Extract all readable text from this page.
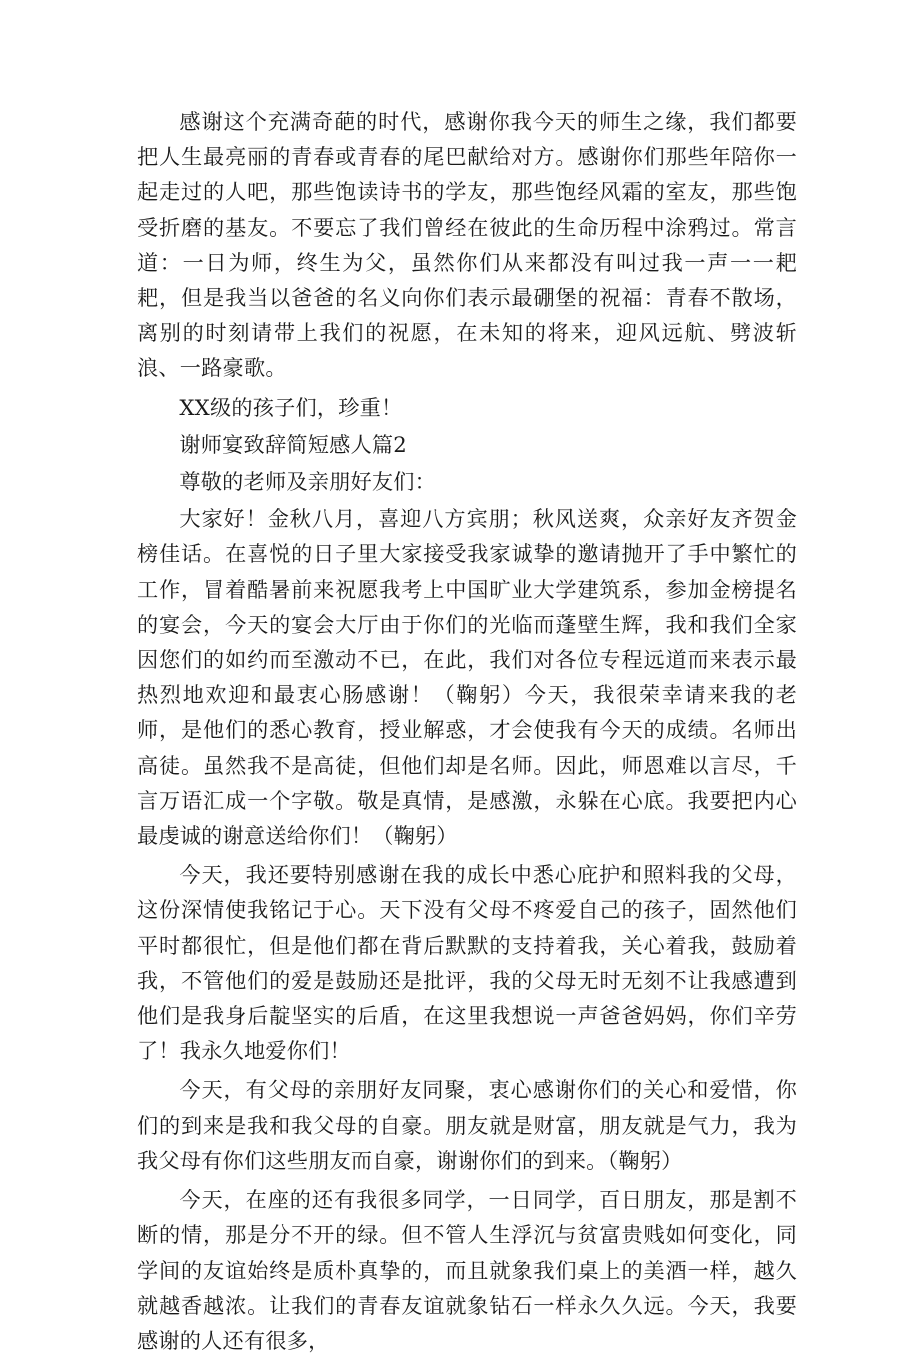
感谢这个充满奇葩的时代，感谢你我今天的师生之缘，我们都要把人生最亮丽的青春或青春的尾巴献给对方。感谢你们那些年陪你一起走过的人吧，那些饱读诗书的学友，那些饱经风霜的室友，那些饱受折磨的基友。不要忘了我们曾经在彼此的生命历程中涂鸦过。常言道：一日为师，终生为父，虽然你们从来都没有叫过我一声一一耙耙，但是我当以爸爸的名义向你们表示最硼堡的祝福：青春不散场，离别的时刻请带上我们的祝愿，在未知的将来，迎风远航、劈波斩浪、一路豪歌。

XX级的孩子们，珍重！

谢师宴致辞简短感人篇2

尊敬的老师及亲朋好友们：

大家好！金秋八月，喜迎八方宾朋；秋风送爽，众亲好友齐贺金榜佳话。在喜悦的日子里大家接受我家诚挚的邀请抛开了手中繁忙的工作，冒着酷暑前来祝愿我考上中国旷业大学建筑系，参加金榜提名的宴会，今天的宴会大厅由于你们的光临而蓬壁生辉，我和我们全家因您们的如约而至激动不已，在此，我们对各位专程远道而来表示最热烈地欢迎和最衷心肠感谢！（鞠躬）今天，我很荣幸请来我的老师，是他们的悉心教育，授业解惑，才会使我有今天的成绩。名师出高徒。虽然我不是高徒，但他们却是名师。因此，师恩难以言尽，千言万语汇成一个字敬。敬是真情，是感激，永躲在心底。我要把内心最虔诚的谢意送给你们！（鞠躬）

今天，我还要特别感谢在我的成长中悉心庇护和照料我的父母，这份深情使我铭记于心。天下没有父母不疼爱自己的孩子，固然他们平时都很忙，但是他们都在背后默默的支持着我，关心着我，鼓励着我，不管他们的爱是鼓励还是批评，我的父母无时无刻不让我感遭到他们是我身后靛坚实的后盾，在这里我想说一声爸爸妈妈，你们辛劳了！我永久地爱你们！

今天，有父母的亲朋好友同聚，衷心感谢你们的关心和爱惜，你们的到来是我和我父母的自豪。朋友就是财富，朋友就是气力，我为我父母有你们这些朋友而自豪，谢谢你们的到来。（鞠躬）

今天，在座的还有我很多同学，一日同学，百日朋友，那是割不断的情，那是分不开的绿。但不管人生浮沉与贫富贵贱如何变化，同学间的友谊始终是质朴真挚的，而且就象我们桌上的美酒一样，越久就越香越浓。让我们的青春友谊就象钻石一样永久久远。今天，我要感谢的人还有很多，
